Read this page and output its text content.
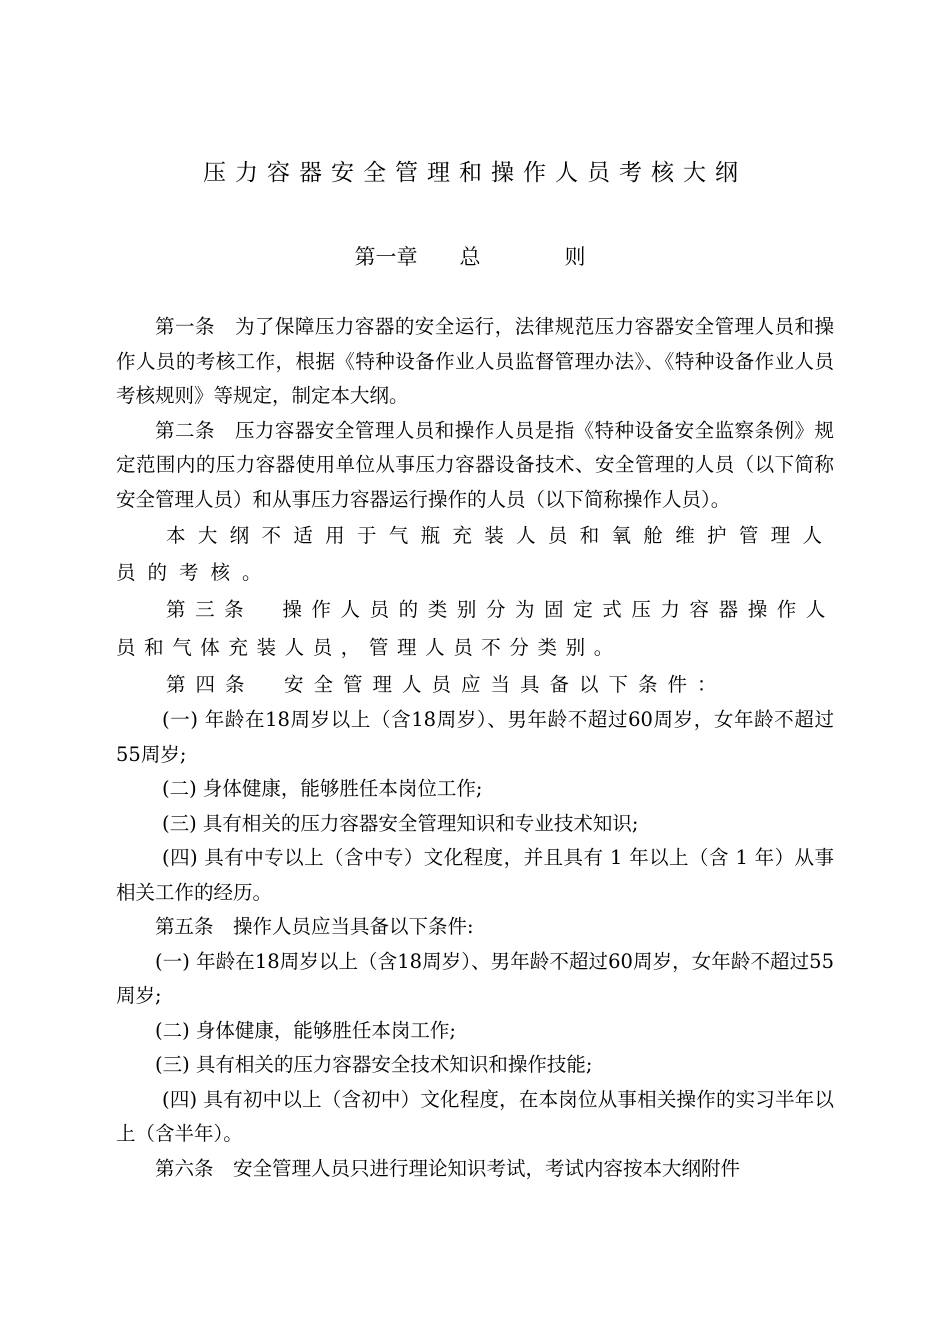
压力容器安全管理和操作人员考核大纲
第一章　　总　　　　则

第一条　为了保障压力容器的安全运行，法律规范压力容器安全管理人员和操作人员的考核工作，根据《特种设备作业人员监督管理办法》、《特种设备作业人员考核规则》等规定，制定本大纲。

第二条　压力容器安全管理人员和操作人员是指《特种设备安全监察条例》规定范围内的压力容器使用单位从事压力容器设备技术、安全管理的人员（以下简称安全管理人员）和从事压力容器运行操作的人员（以下简称操作人员）。

本大纲不适用于气瓶充装人员和氧舱维护管理人员的考核。

第三条　操作人员的类别分为固定式压力容器操作人员和气体充装人员，管理人员不分类别。

第四条　安全管理人员应当具备以下条件：

(一) 年龄在18周岁以上（含18周岁）、男年龄不超过60周岁，女年龄不超过55周岁;

(二) 身体健康，能够胜任本岗位工作;

(三) 具有相关的压力容器安全管理知识和专业技术知识;

(四) 具有中专以上（含中专）文化程度，并且具有 1 年以上（含 1 年）从事相关工作的经历。

第五条　操作人员应当具备以下条件:

(一) 年龄在18周岁以上（含18周岁）、男年龄不超过60周岁，女年龄不超过55周岁;

(二) 身体健康，能够胜任本岗工作;

(三) 具有相关的压力容器安全技术知识和操作技能;

(四) 具有初中以上（含初中）文化程度，在本岗位从事相关操作的实习半年以上（含半年）。

第六条　安全管理人员只进行理论知识考试，考试内容按本大纲附件
